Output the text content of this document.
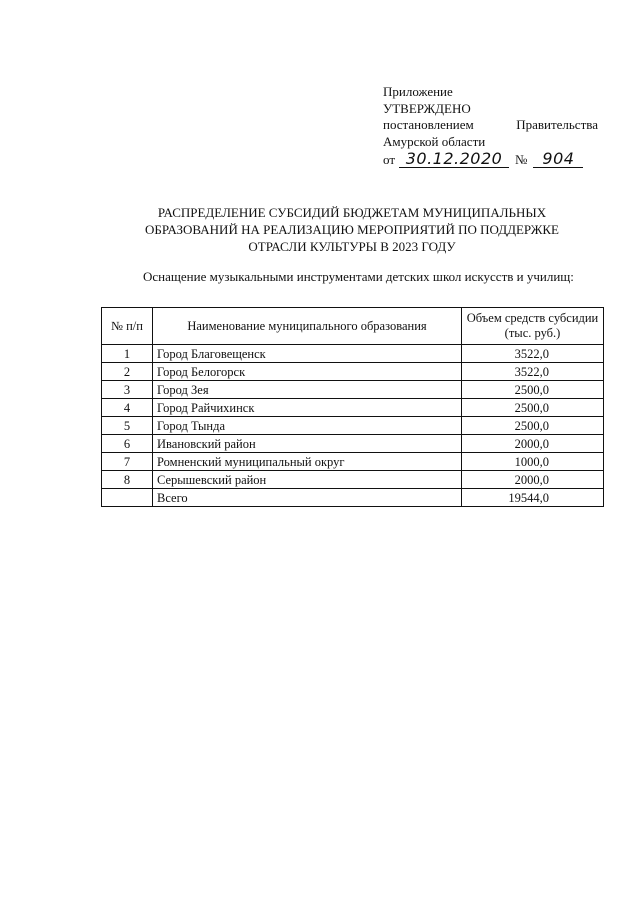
Приложение
УТВЕРЖДЕНО
постановлением	Правительства
Амурской области
от 30.12.2020 № 904
РАСПРЕДЕЛЕНИЕ СУБСИДИЙ БЮДЖЕТАМ МУНИЦИПАЛЬНЫХ
ОБРАЗОВАНИЙ НА РЕАЛИЗАЦИЮ МЕРОПРИЯТИЙ ПО ПОДДЕРЖКЕ
ОТРАСЛИ КУЛЬТУРЫ В 2023 ГОДУ
Оснащение музыкальными инструментами детских школ искусств и училищ:
№ п/п	Наименование муниципального образования	Объем средств субсидии (тыс. руб.)
1	Город Благовещенск	3522,0
2	Город Белогорск	3522,0
3	Город Зея	2500,0
4	Город Райчихинск	2500,0
5	Город Тында	2500,0
6	Ивановский район	2000,0
7	Ромненский муниципальный округ	1000,0
8	Серышевский район	2000,0
	Всего	19544,0
